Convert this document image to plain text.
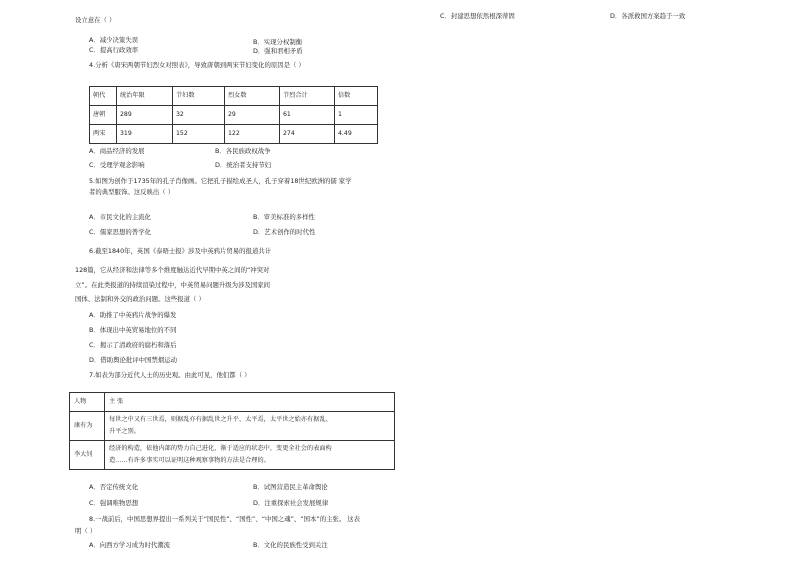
C．封建思想依然根深蒂固	D．各派救国方案趋于一致
设立意在（ ）
A．减少决策失误	B．实现分权制衡
C．提高行政效率	D．强和君相矛盾
4.分析《唐宋两朝节妇烈女对照表》，导致唐朝到两宋节妇变化的原因是（ ）
朝代	统治年限	节妇数	烈女数	节烈合计	倍数
唐朝	289	32	29	61	1
两宋	319	152	122	274	4.49
A．商品经济的发展	B．各民族政权战争
C．受理学观念影响	D．统治者支持节妇
5.如图为创作于1735年的孔子肖像画。它把孔子描绘成圣人，孔子穿着18世纪欧洲的儒 家学
者的典型服饰。这反映出（ ）
A．市民文化的主流化	B．审美标准的多样性
C．儒家思想的普学化	D．艺术创作的时代性
6.截至1840年，英国《泰晤士报》涉及中英鸦片贸易的报道共计
128篇，它从经济和法律等多个维度触达近代早期中英之间的“冲突对
立”。在此类报道的持续渲染过程中，中英贸易问题升级为涉及国家间
国体、法制和外交的政治问题。这些报道（ ）
A．助推了中英鸦片战争的爆发
B．体现出中英贸易地位的不同
C．揭示了清政府的腐朽和落后
D．借助舆论批评中国禁烟运动
7.如表为部分近代人士的历史观。由此可见，他们都（ ）
人物	主 张
康有为	每世之中又有三世焉，则据乱亦有据乱世之升平、太平焉，太平世之始亦有据乱、
升平之别。

李大钊	经济的构造，依他内部的势力自己进化，渐于适应的状态中，变更全社会的表面构
造……有许多事实可以证明这种观察事物的方法是合理的。
A．否定传统文化	B．试图营造民主革命舆论
C．强调唯物思想	D．注重探索社会发展规律
8.一战前后，中国思想界提出一系列关于“国民性”、“国性”、“中国之魂”、“国本”的主张。 这表
明（ ）
A．向西方学习成为时代潮流	B．文化的民族性受到关注
